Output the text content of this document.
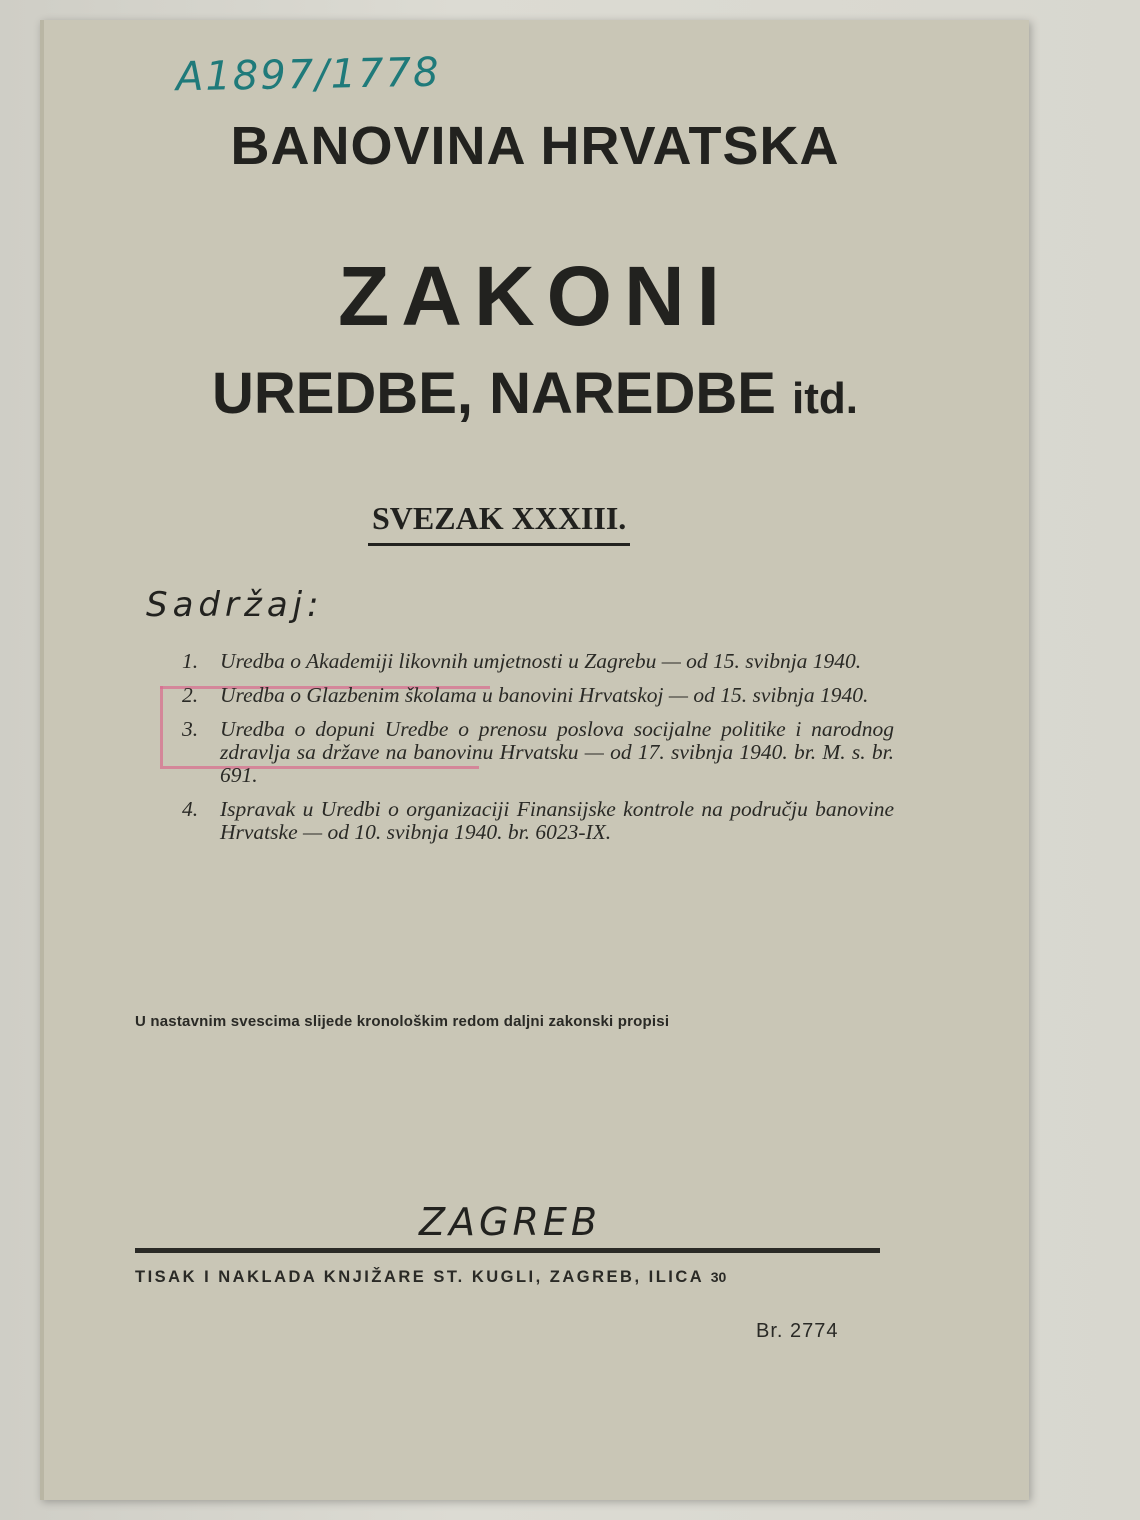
A1897/1778
BANOVINA HRVATSKA
ZAKONI
UREDBE, NAREDBE itd.
SVEZAK XXXIII.
Sadržaj:
1. Uredba o Akademiji likovnih umjetnosti u Zagrebu — od 15. svibnja 1940.
2. Uredba o Glazbenim školama u banovini Hrvatskoj — od 15. svibnja 1940.
3. Uredba o dopuni Uredbe o prenosu poslova socijalne politike i narodnog zdravlja sa države na banovinu Hrvatsku — od 17. svibnja 1940. br. M. s. br. 691.
4. Ispravak u Uredbi o organizaciji Finansijske kontrole na području banovine Hrvatske — od 10. svibnja 1940. br. 6023-IX.
U nastavnim svescima slijede kronološkim redom daljni zakonski propisi
ZAGREB
TISAK I NAKLADA KNJIŽARE ST. KUGLI, ZAGREB, ILICA 30
Br. 2774
